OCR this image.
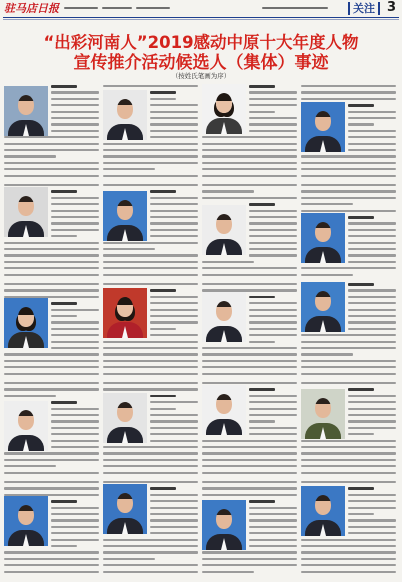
驻马店日报	关注 3
“出彩河南人”2019感动中原十大年度人物
宣传推介活动候选人（集体）事迹
（按姓氏笔画为序）
